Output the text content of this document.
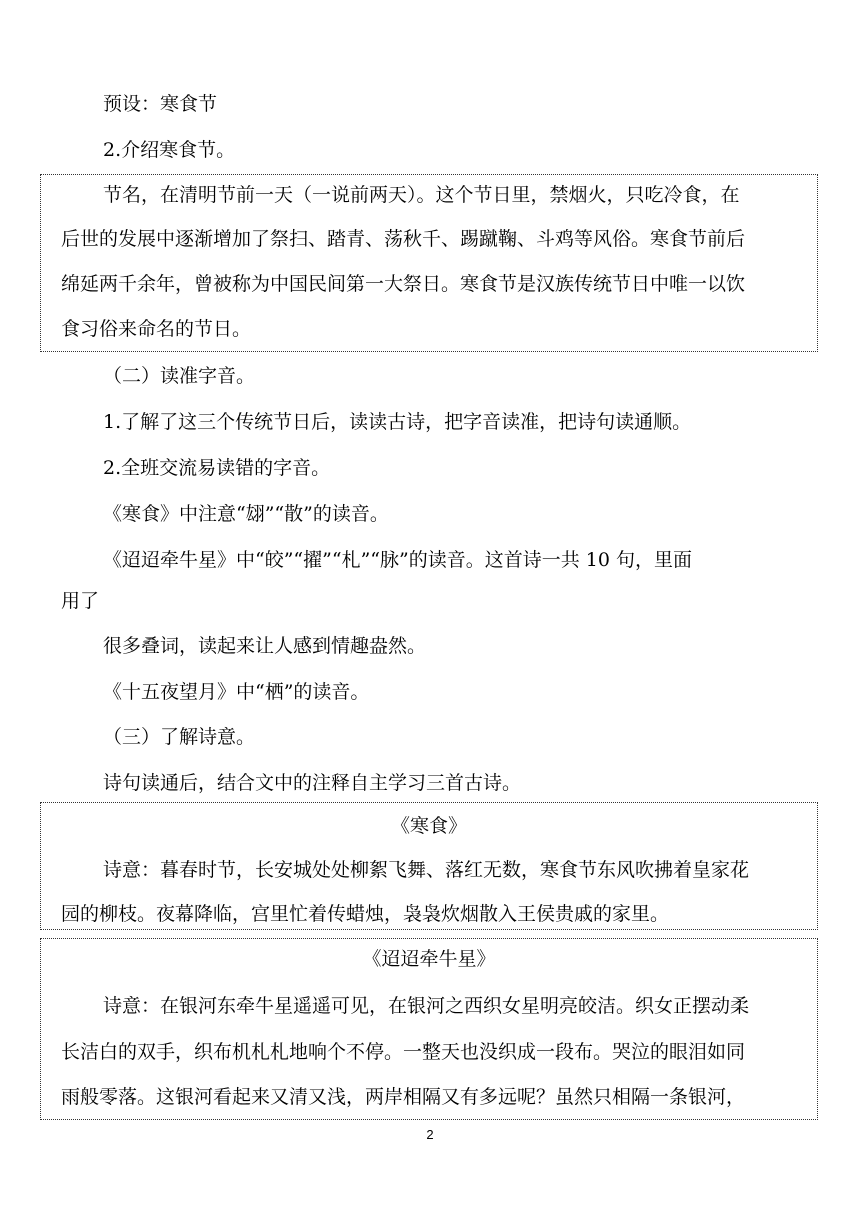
预设：寒食节
2.介绍寒食节。
节名，在清明节前一天（一说前两天）。这个节日里，禁烟火，只吃冷食，在
后世的发展中逐渐增加了祭扫、踏青、荡秋千、踢蹴鞠、斗鸡等风俗。寒食节前后
绵延两千余年，曾被称为中国民间第一大祭日。寒食节是汉族传统节日中唯一以饮
食习俗来命名的节日。
（二）读准字音。
1.了解了这三个传统节日后，读读古诗，把字音读准，把诗句读通顺。
2.全班交流易读错的字音。
《寒食》中注意“翃”“散”的读音。
《迢迢牵牛星》中“皎”“擢”“札”“脉”的读音。这首诗一共 10 句，里面
用了
很多叠词，读起来让人感到情趣盎然。
《十五夜望月》中“栖”的读音。
（三）了解诗意。
诗句读通后，结合文中的注释自主学习三首古诗。
《寒食》
诗意：暮春时节，长安城处处柳絮飞舞、落红无数，寒食节东风吹拂着皇家花
园的柳枝。夜幕降临，宫里忙着传蜡烛，袅袅炊烟散入王侯贵戚的家里。
《迢迢牵牛星》
诗意：在银河东牵牛星遥遥可见，在银河之西织女星明亮皎洁。织女正摆动柔
长洁白的双手，织布机札札地响个不停。一整天也没织成一段布。哭泣的眼泪如同
雨般零落。这银河看起来又清又浅，两岸相隔又有多远呢？虽然只相隔一条银河，
2
